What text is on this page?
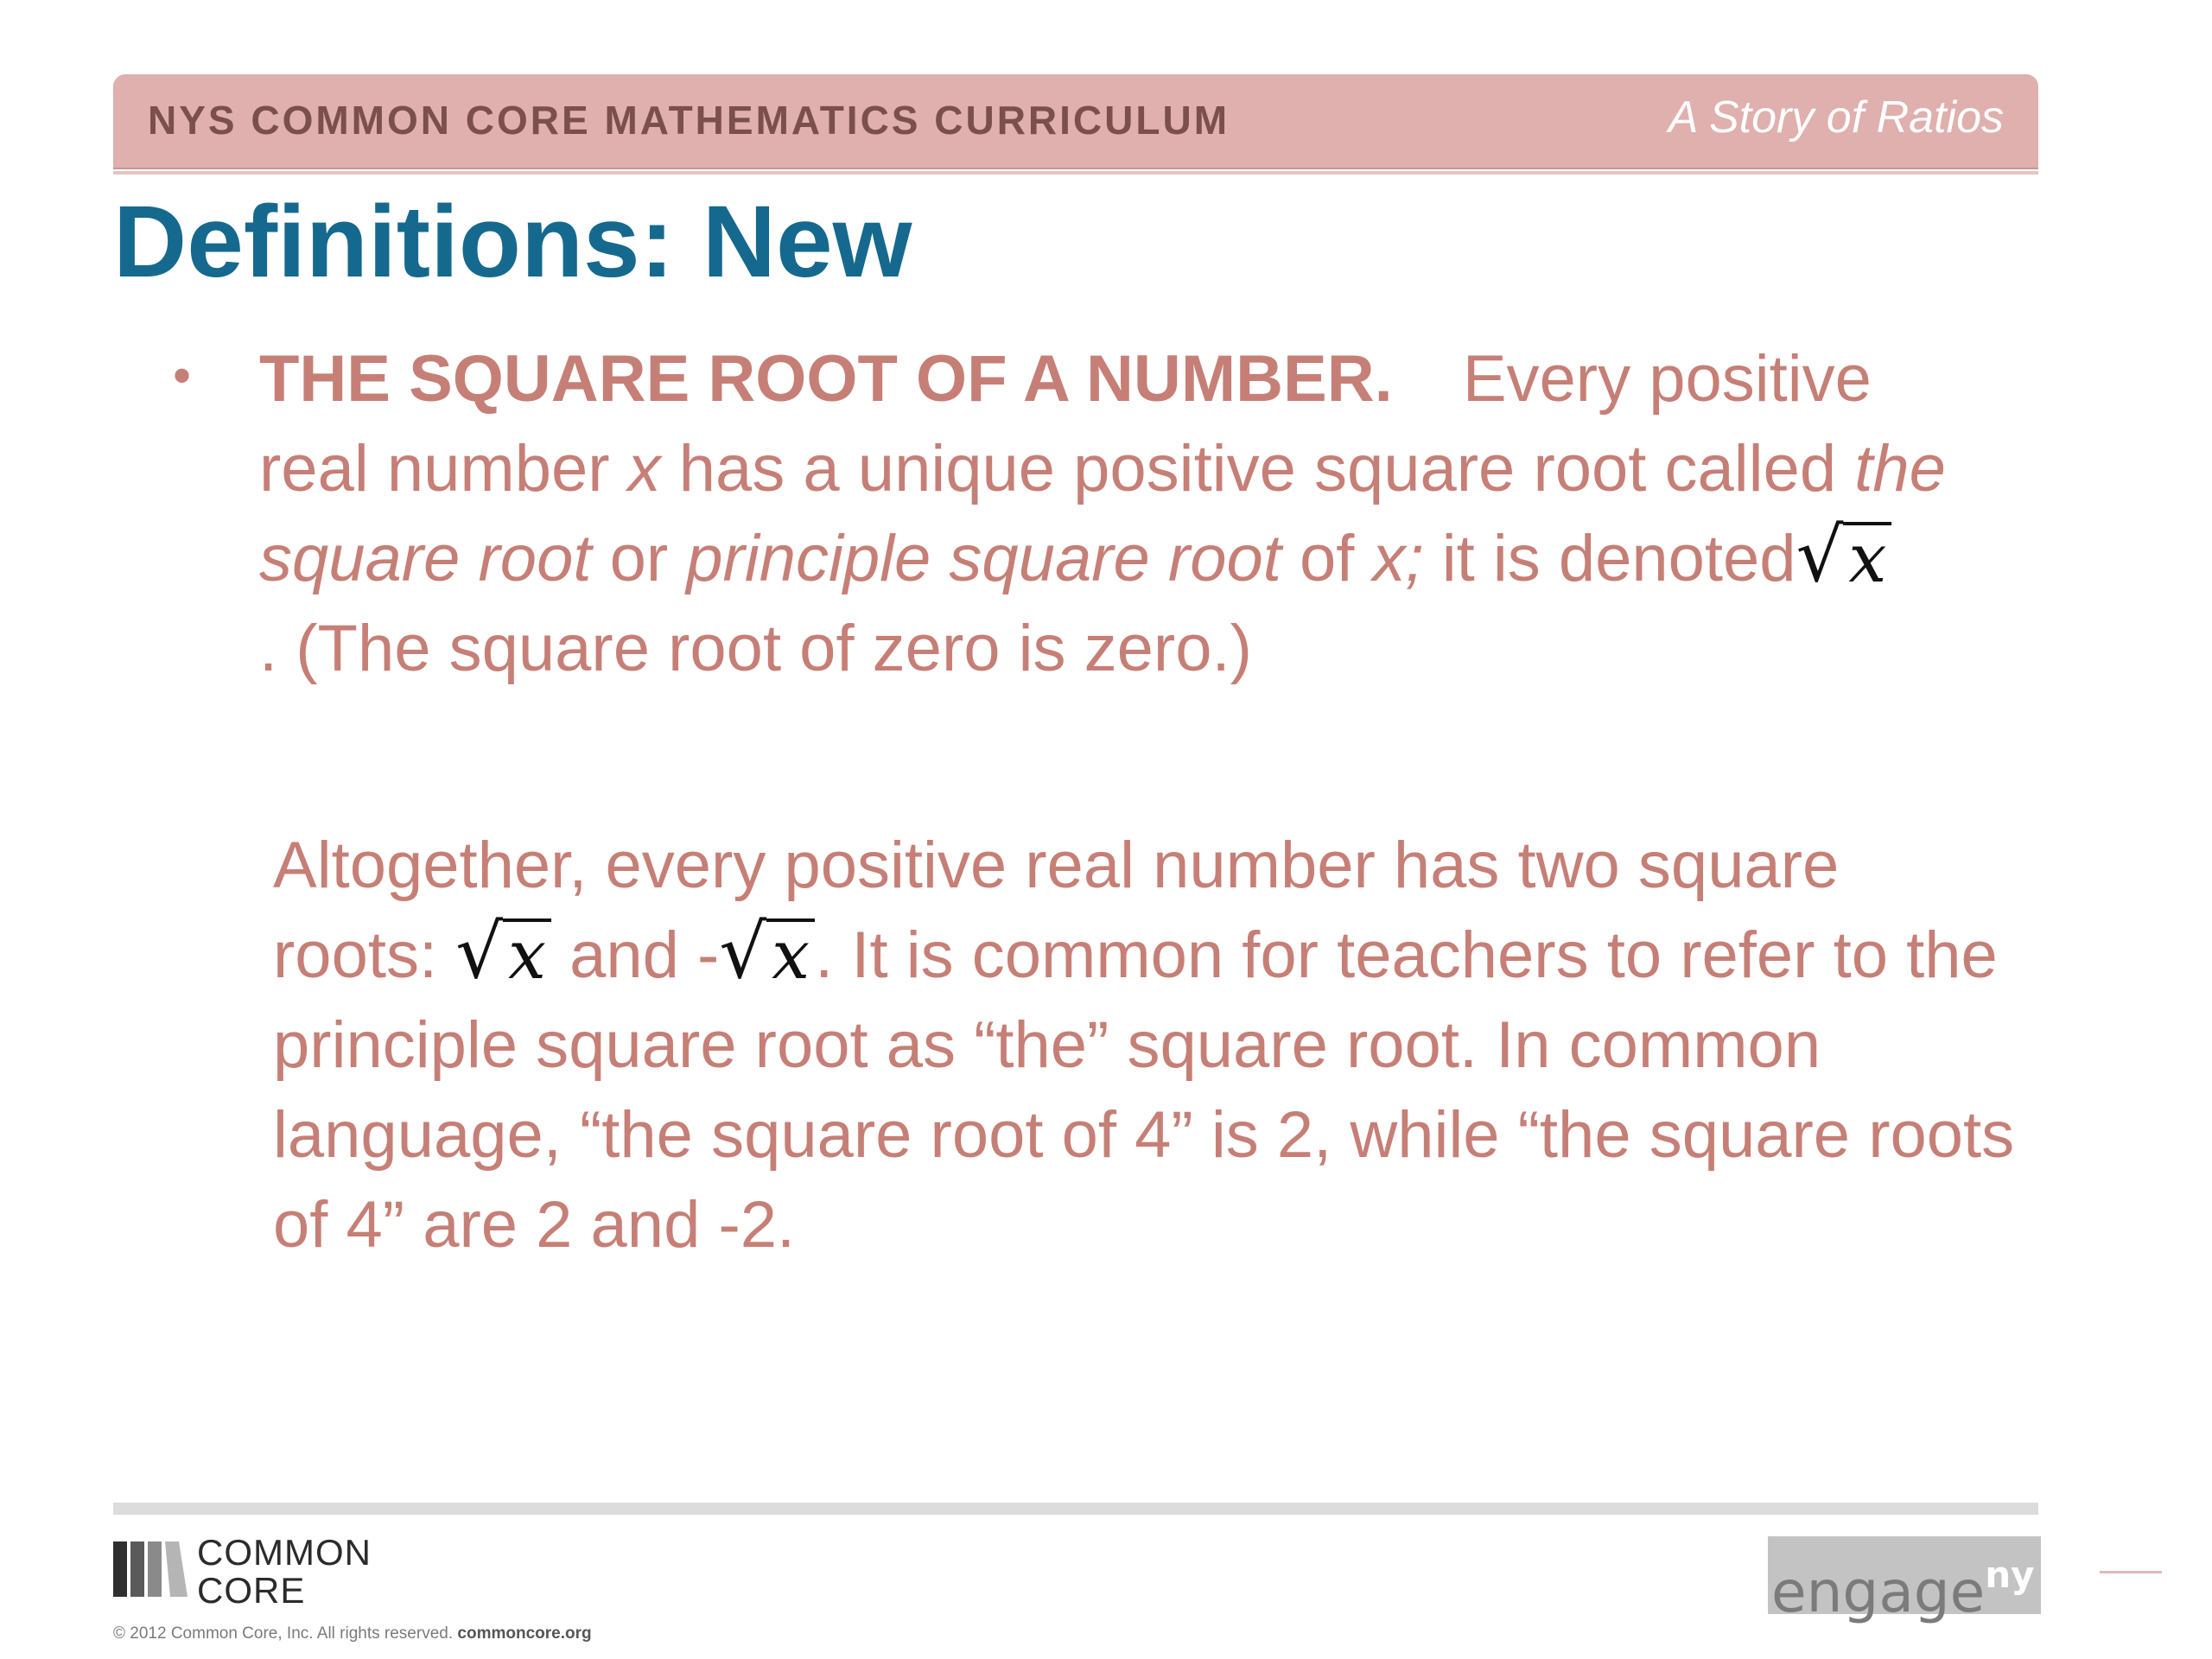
NYS COMMON CORE MATHEMATICS CURRICULUM	A Story of Ratios
Definitions: New
• THE SQUARE ROOT OF A NUMBER. Every positive real number x has a unique positive square root called the square root or principle square root of x; it is denoted √ x

. (The square root of zero is zero.)
Altogether, every positive real number has two square roots: √ x and - √ x . It is common for teachers to refer to the principle square root as “the” square root. In common language, “the square root of 4” is 2, while “the square roots of 4” are 2 and -2.
COMMON
CORE
© 2012 Common Core, Inc. All rights reserved. commoncore.org
engage$^{ny}$
